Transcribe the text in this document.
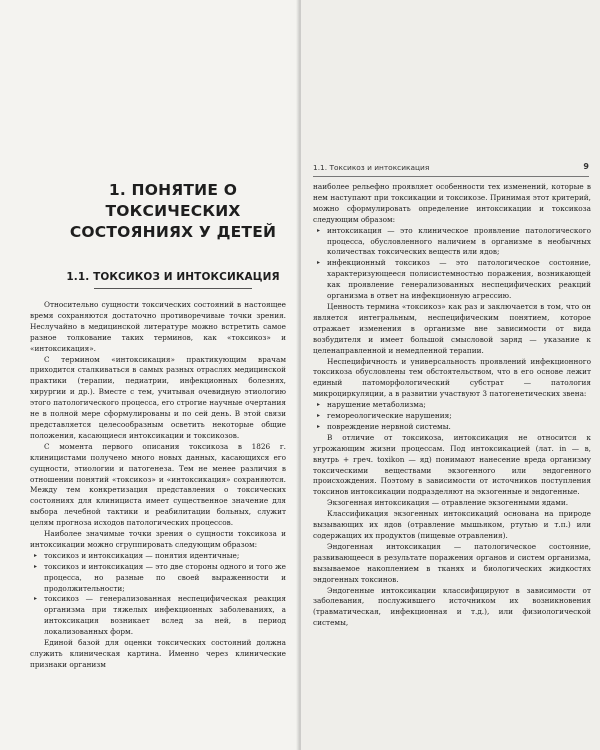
1. ПОНЯТИЕ О ТОКСИЧЕСКИХ
СОСТОЯНИЯХ У ДЕТЕЙ
1.1. ТОКСИКОЗ И ИНТОКСИКАЦИЯ

Относительно сущности токсических состояний в настоящее время сохраняются достаточно противоречивые точки зрения. Неслучайно в медицинской литературе можно встретить самое разное толкование таких терминов, как «токсикоз» и «интоксикация».

С термином «интоксикация» практикующим врачам приходится сталкиваться в самых разных отраслях медицинской практики (терапии, педиатрии, инфекционных болезнях, хирургии и др.). Вместе с тем, учитывая очевидную этиологию этого патологического процесса, его строгие научные очертания не в полной мере сформулированы и по сей день. В этой связи представляется целесообразным осветить некоторые общие положения, касающиеся интоксикации и токсикозов.

С момента первого описания токсикоза в 1826 г. клиницистами получено много новых данных, касающихся его сущности, этиологии и патогенеза. Тем не менее различия в отношении понятий «токсикоз» и «интоксикация» сохраняются. Между тем конкретизация представления о токсических состояниях для клинициста имеет существенное значение для выбора лечебной тактики и реабилитации больных, служит целям прогноза исходов патологических процессов.

Наиболее значимые точки зрения о сущности токсикоза и интоксикации можно сгруппировать следующим образом:

▸ токсикоз и интоксикация — понятия идентичные;
▸ токсикоз и интоксикация — это две стороны одного и того же процесса, но разные по своей выраженности и продолжительности;
▸ токсикоз — генерализованная неспецифическая реакция организма при тяжелых инфекционных заболеваниях, а интоксикация возникает вслед за ней, в период локализованных форм.

Единой базой для оценки токсических состояний должна служить клиническая картина. Именно через клинические признаки организм

1.1. Токсикоз и интоксикация	9

наиболее рельефно проявляет особенности тех изменений, которые в нем наступают при токсикации и токсикозе. Принимая этот критерий, можно сформулировать определение интоксикации и токсикоза следующим образом:

▸ интоксикация — это клиническое проявление патологического процесса, обусловленного наличием в организме в необычных количествах токсических веществ или ядов;
▸ инфекционный токсикоз — это патологическое состояние, характеризующееся полисистемностью поражения, возникающей как проявление генерализованных неспецифических реакций организма в ответ на инфекционную агрессию.

Ценность термина «токсикоз» как раз и заключается в том, что он является интегральным, неспецифическим понятием, которое отражает изменения в организме вне зависимости от вида возбудителя и имеет большой смысловой заряд — указание к целенаправленной и немедленной терапии.

Неспецифичность и универсальность проявлений инфекционного токсикоза обусловлены тем обстоятельством, что в его основе лежит единый патоморфологический субстрат — патология микроциркуляции, а в развитии участвуют 3 патогенетических звена:

▸ нарушение метаболизма;
▸ гемореологические нарушения;
▸ повреждение нервной системы.

В отличие от токсикоза, интоксикация не относится к угрожающим жизни процессам. Под интоксикацией (лат. in — в, внутрь + греч. toxikon — яд) понимают нанесение вреда организму токсическими веществами экзогенного или эндогенного происхождения. Поэтому в зависимости от источников поступления токсинов интоксикации подразделяют на экзогенные и эндогенные.

Экзогенная интоксикация — отравление экзогенными ядами.

Классификация экзогенных интоксикаций основана на природе вызывающих их ядов (отравление мышьяком, ртутью и т.п.) или содержащих их продуктов (пищевые отравления).

Эндогенная интоксикация — патологическое состояние, развивающееся в результате поражения органов и систем организма, вызываемое накоплением в тканях и биологических жидкостях эндогенных токсинов.

Эндогенные интоксикации классифицируют в зависимости от заболевания, послужившего источником их возникновения (травматическая, инфекционная и т.д.), или физиологической системы,
